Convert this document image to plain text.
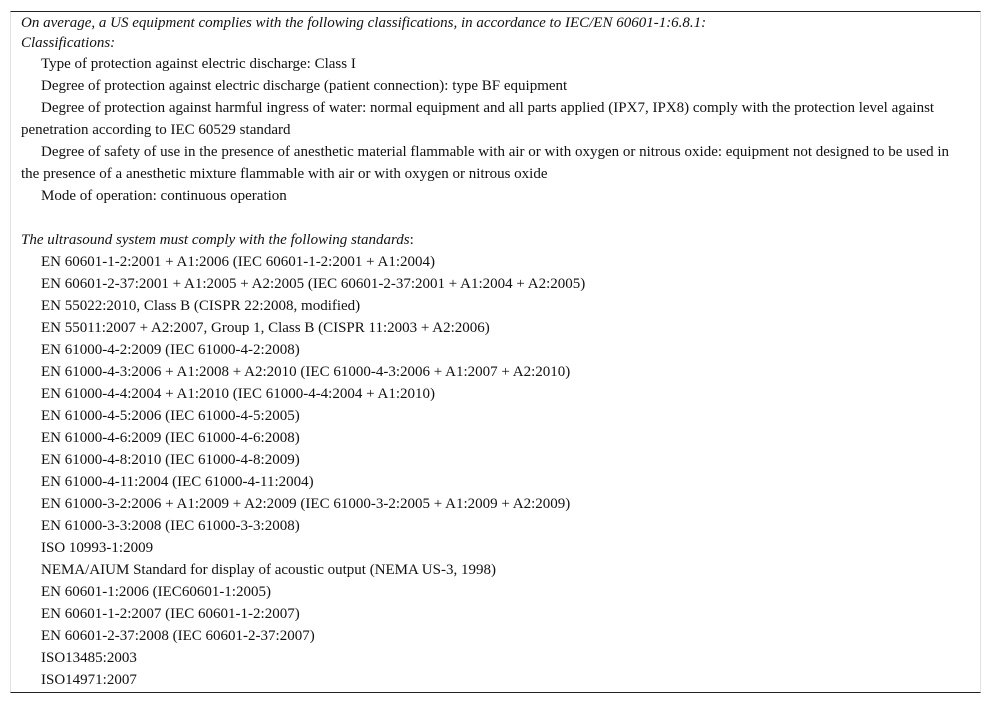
On average, a US equipment complies with the following classifications, in accordance to IEC/EN 60601-1:6.8.1:
Classifications:
Type of protection against electric discharge: Class I
Degree of protection against electric discharge (patient connection): type BF equipment
Degree of protection against harmful ingress of water: normal equipment and all parts applied (IPX7, IPX8) comply with the protection level against penetration according to IEC 60529 standard
Degree of safety of use in the presence of anesthetic material flammable with air or with oxygen or nitrous oxide: equipment not designed to be used in the presence of a anesthetic mixture flammable with air or with oxygen or nitrous oxide
Mode of operation: continuous operation
The ultrasound system must comply with the following standards:
EN 60601-1-2:2001 + A1:2006 (IEC 60601-1-2:2001 + A1:2004)
EN 60601-2-37:2001 + A1:2005 + A2:2005 (IEC 60601-2-37:2001 + A1:2004 + A2:2005)
EN 55022:2010, Class B (CISPR 22:2008, modified)
EN 55011:2007 + A2:2007, Group 1, Class B (CISPR 11:2003 + A2:2006)
EN 61000-4-2:2009 (IEC 61000-4-2:2008)
EN 61000-4-3:2006 + A1:2008 + A2:2010 (IEC 61000-4-3:2006 + A1:2007 + A2:2010)
EN 61000-4-4:2004 + A1:2010 (IEC 61000-4-4:2004 + A1:2010)
EN 61000-4-5:2006 (IEC 61000-4-5:2005)
EN 61000-4-6:2009 (IEC 61000-4-6:2008)
EN 61000-4-8:2010 (IEC 61000-4-8:2009)
EN 61000-4-11:2004 (IEC 61000-4-11:2004)
EN 61000-3-2:2006 + A1:2009 + A2:2009 (IEC 61000-3-2:2005 + A1:2009 + A2:2009)
EN 61000-3-3:2008 (IEC 61000-3-3:2008)
ISO 10993-1:2009
NEMA/AIUM Standard for display of acoustic output (NEMA US-3, 1998)
EN 60601-1:2006 (IEC60601-1:2005)
EN 60601-1-2:2007 (IEC 60601-1-2:2007)
EN 60601-2-37:2008 (IEC 60601-2-37:2007)
ISO13485:2003
ISO14971:2007
